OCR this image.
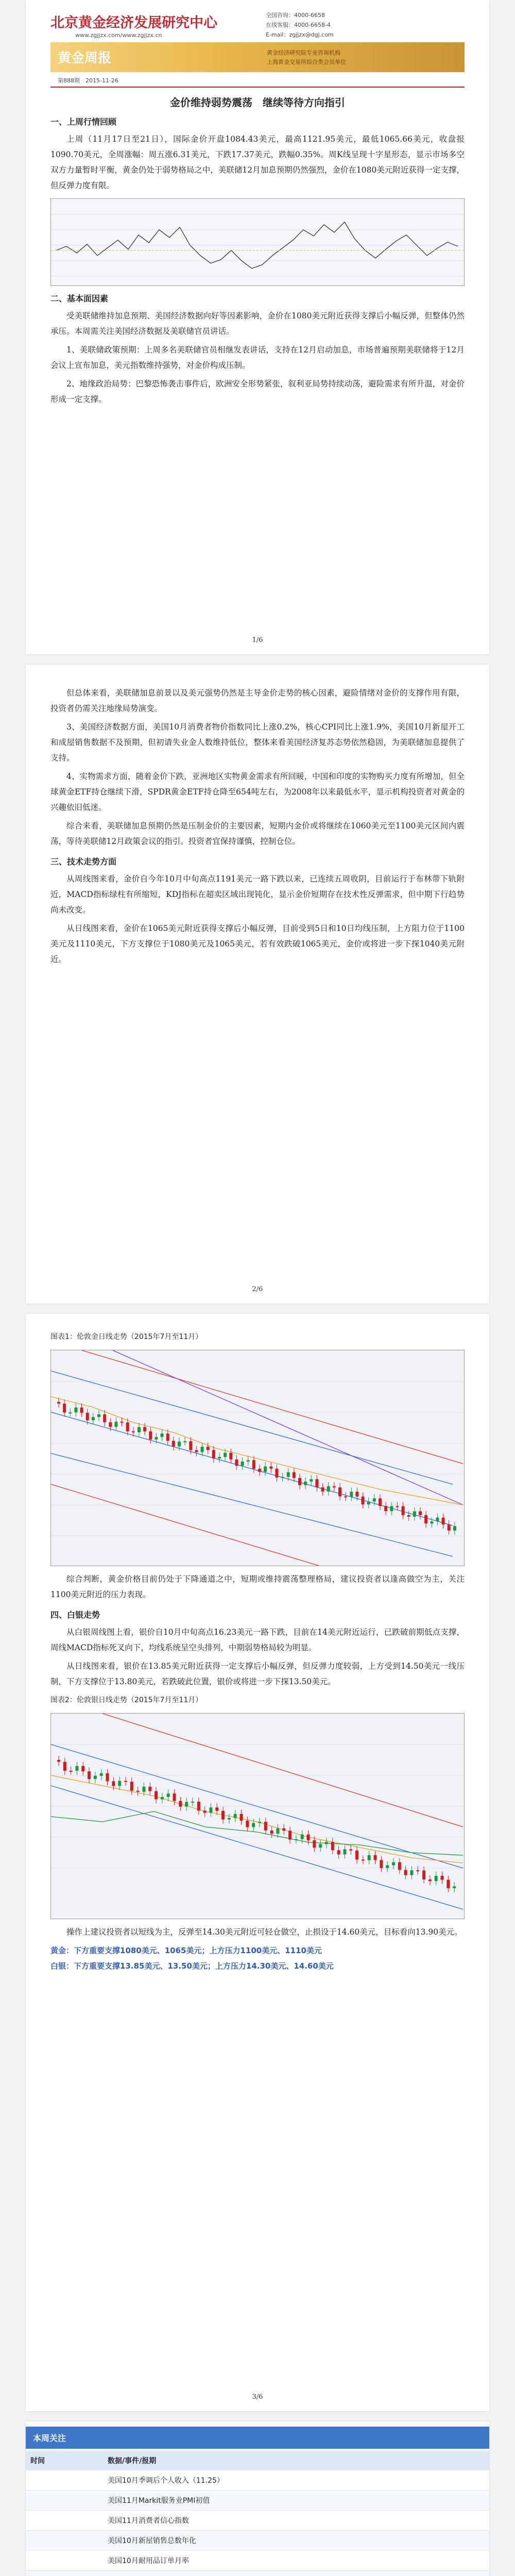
北京黄金经济发展研究中心
www.zgjjzx.com/www.zgjjzx.cn
全国咨询：4000-6658
在线客服：4000-6658-4
E-mail：zgjjzx@dgj.com
黄金周报	黄金经济研究院专业咨询机构
上海黄金交易所综合类会员单位
第888期　2015-11-26
金价维持弱势震荡　继续等待方向指引
一、上周行情回顾

上周（11月17日至21日），国际金价开盘1084.43美元，最高1121.95美元，最低1065.66美元，收盘报1090.70美元，全周涨幅：周五涨6.31美元，下跌17.37美元，跌幅0.35%。周K线呈现十字星形态，显示市场多空双方力量暂时平衡，黄金仍处于弱势格局之中，美联储12月加息预期仍然强烈，金价在1080美元附近获得一定支撑，但反弹力度有限。

二、基本面因素

受美联储维持加息预期、美国经济数据向好等因素影响，金价在1080美元附近获得支撑后小幅反弹，但整体仍然承压。本周需关注美国经济数据及美联储官员讲话。

1、美联储政策预期：上周多名美联储官员相继发表讲话，支持在12月启动加息，市场普遍预期美联储将于12月会议上宣布加息，美元指数维持强势，对金价构成压制。

2、地缘政治局势：巴黎恐怖袭击事件后，欧洲安全形势紧张，叙利亚局势持续动荡，避险需求有所升温，对金价形成一定支撑。

1/6

但总体来看，美联储加息前景以及美元强势仍然是主导金价走势的核心因素，避险情绪对金价的支撑作用有限，投资者仍需关注地缘局势演变。

3、美国经济数据方面，美国10月消费者物价指数同比上涨0.2%，核心CPI同比上涨1.9%，美国10月新屋开工和成屋销售数据不及预期，但初请失业金人数维持低位，整体来看美国经济复苏态势依然稳固，为美联储加息提供了支持。

4、实物需求方面，随着金价下跌，亚洲地区实物黄金需求有所回暖，中国和印度的实物购买力度有所增加，但全球黄金ETF持仓继续下滑，SPDR黄金ETF持仓降至654吨左右，为2008年以来最低水平，显示机构投资者对黄金的兴趣依旧低迷。

综合来看，美联储加息预期仍然是压制金价的主要因素，短期内金价或将继续在1060美元至1100美元区间内震荡，等待美联储12月政策会议的指引。投资者宜保持谨慎，控制仓位。

三、技术走势方面

从周线图来看，金价自今年10月中旬高点1191美元一路下跌以来，已连续五周收阴，目前运行于布林带下轨附近，MACD指标绿柱有所缩短，KDJ指标在超卖区域出现钝化，显示金价短期存在技术性反弹需求，但中期下行趋势尚未改变。

从日线图来看，金价在1065美元附近获得支撑后小幅反弹，目前受到5日和10日均线压制，上方阻力位于1100美元及1110美元，下方支撑位于1080美元及1065美元，若有效跌破1065美元，金价或将进一步下探1040美元附近。

2/6
图表1：伦敦金日线走势（2015年7月至11月）

综合判断，黄金价格目前仍处于下降通道之中，短期或维持震荡整理格局，建议投资者以逢高做空为主，关注1100美元附近的压力表现。

四、白银走势

从白银周线图上看，银价自10月中旬高点16.23美元一路下跌，目前在14美元附近运行，已跌破前期低点支撑，周线MACD指标死叉向下，均线系统呈空头排列，中期弱势格局较为明显。

从日线图来看，银价在13.85美元附近获得一定支撑后小幅反弹，但反弹力度较弱，上方受到14.50美元一线压制，下方支撑位于13.80美元，若跌破此位置，银价或将进一步下探13.50美元。

图表2：伦敦银日线走势（2015年7月至11月）

操作上建议投资者以短线为主，反弹至14.30美元附近可轻仓做空，止损设于14.60美元，目标看向13.90美元。

黄金：下方重要支撑1080美元、1065美元；上方压力1100美元、1110美元
白银：下方重要支撑13.85美元、13.50美元；上方压力14.30美元、14.60美元
3/6
本周关注
时间	数据/事件/报期
	美国10月季调后个人收入（11.25）
	美国11月Markit服务业PMI初值
	美国11月消费者信心指数
	美国10月新屋销售总数年化
	美国10月耐用品订单月率
